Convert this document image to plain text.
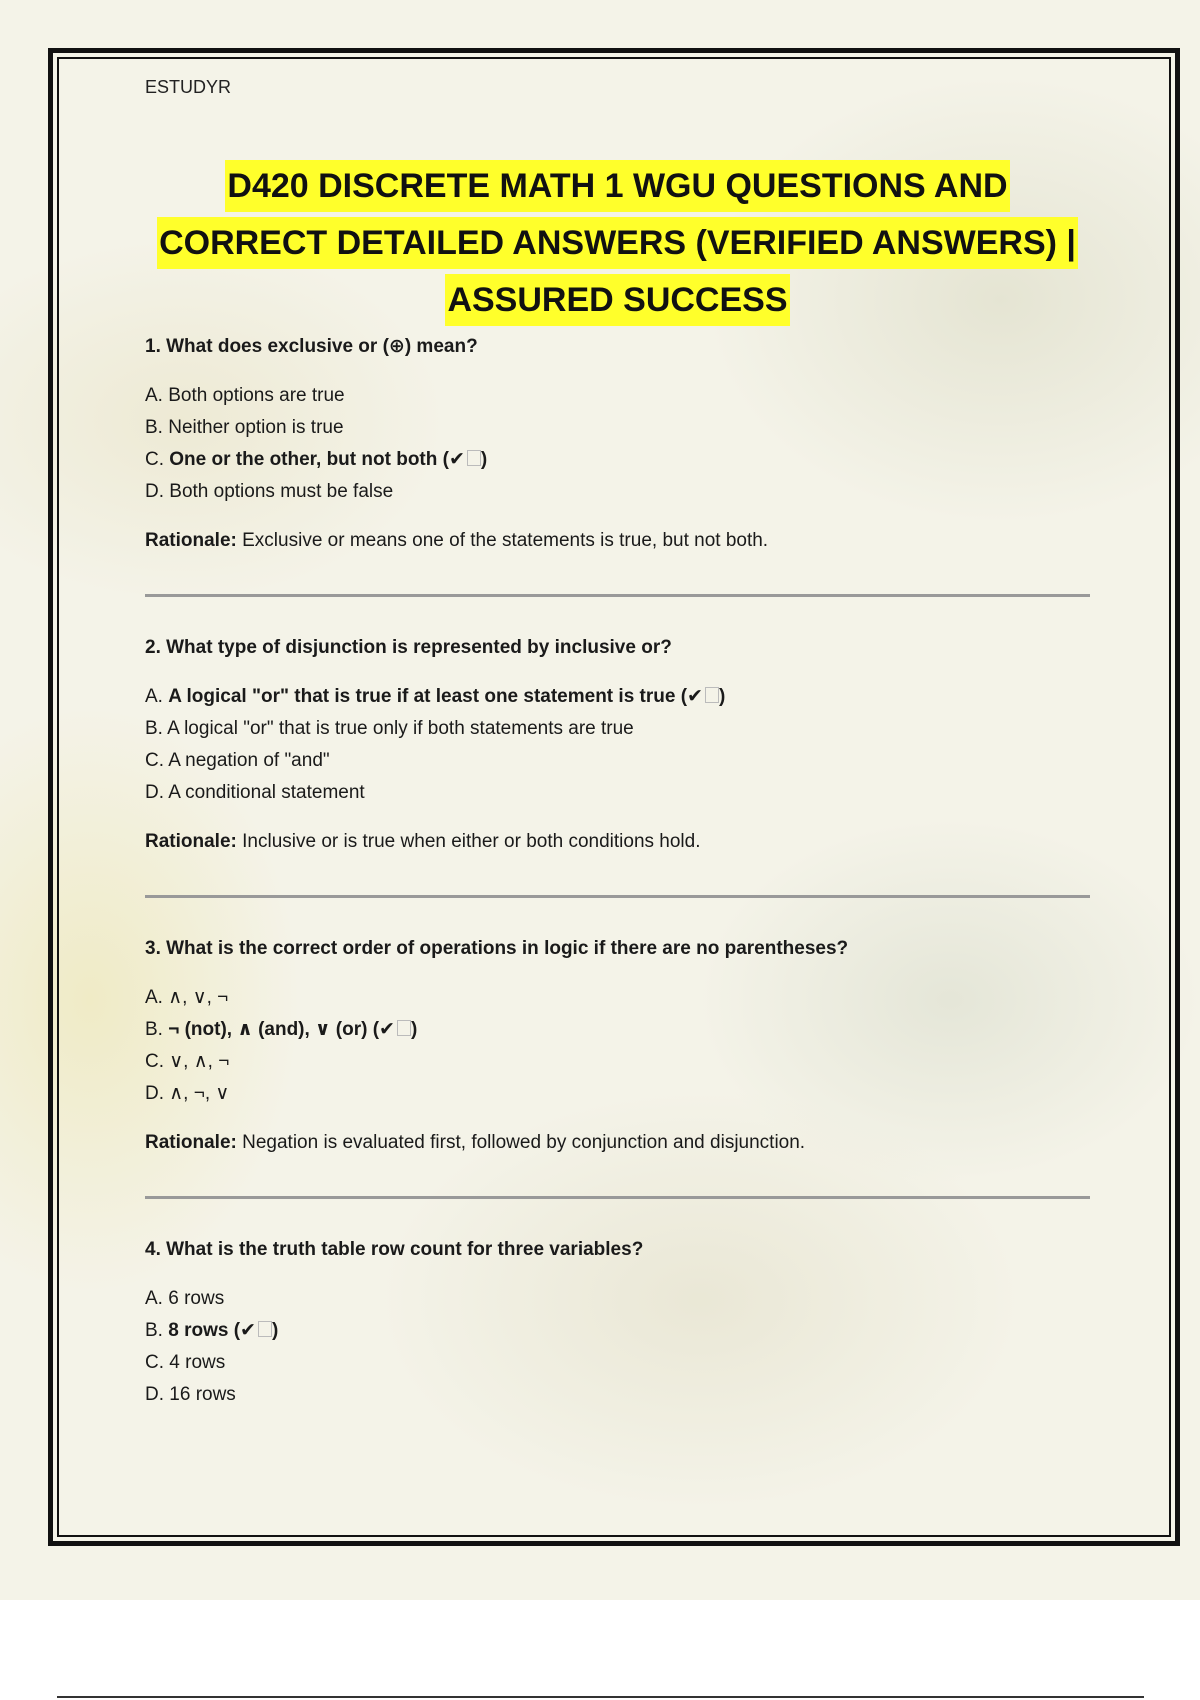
ESTUDYR

D420 DISCRETE MATH 1 WGU QUESTIONS AND
CORRECT DETAILED ANSWERS (VERIFIED ANSWERS) |
ASSURED SUCCESS

1. What does exclusive or (⊕) mean?

A. Both options are true
B. Neither option is true
C. One or the other, but not both (✔ )
D. Both options must be false

Rationale: Exclusive or means one of the statements is true, but not both.

2. What type of disjunction is represented by inclusive or?

A. A logical "or" that is true if at least one statement is true (✔ )
B. A logical "or" that is true only if both statements are true
C. A negation of "and"
D. A conditional statement

Rationale: Inclusive or is true when either or both conditions hold.

3. What is the correct order of operations in logic if there are no parentheses?

A. ∧, ∨, ¬
B. ¬ (not), ∧ (and), ∨ (or) (✔ )
C. ∨, ∧, ¬
D. ∧, ¬, ∨

Rationale: Negation is evaluated first, followed by conjunction and disjunction.

4. What is the truth table row count for three variables?

A. 6 rows
B. 8 rows (✔ )
C. 4 rows
D. 16 rows
